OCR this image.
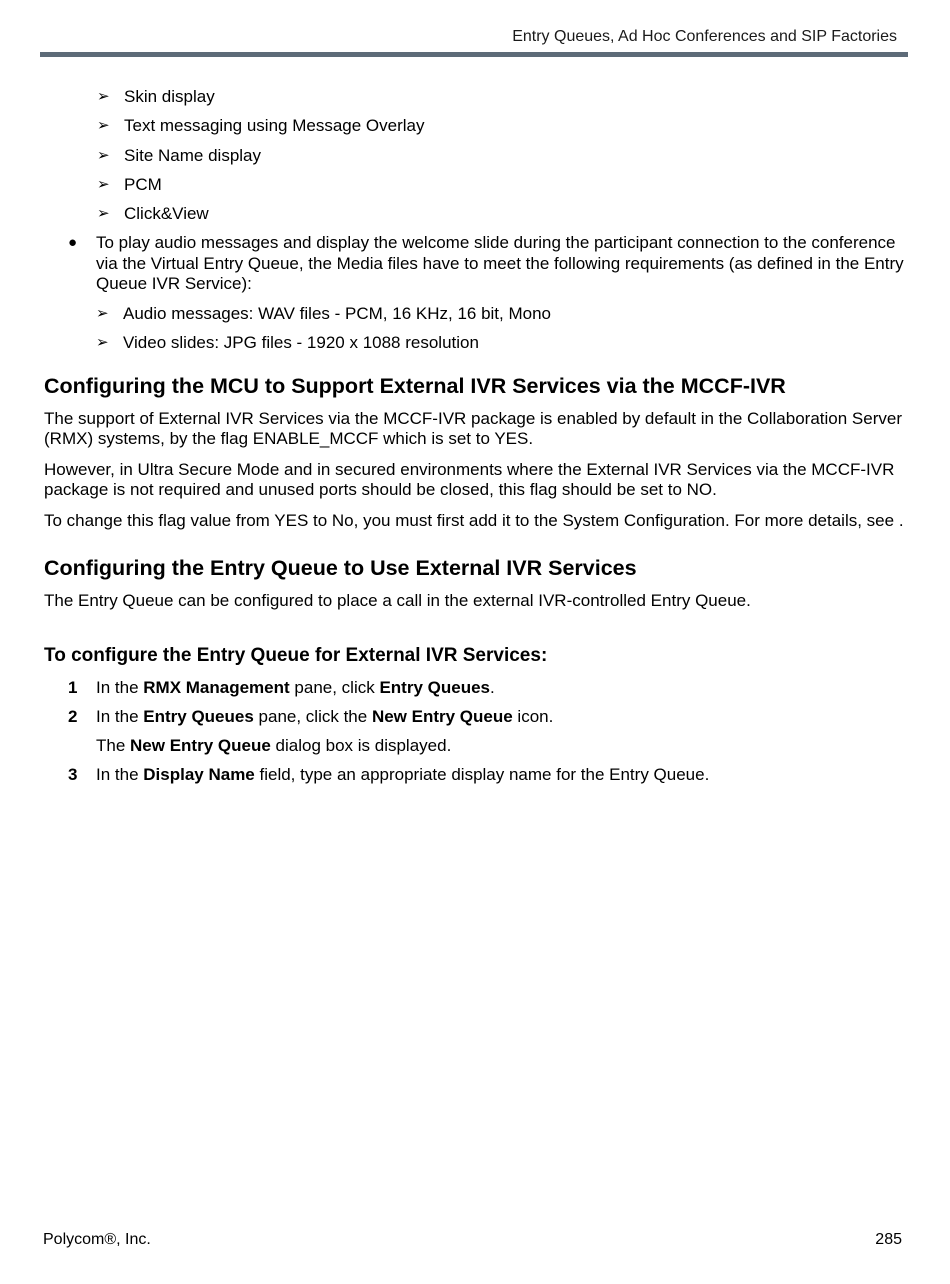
Entry Queues, Ad Hoc Conferences and SIP Factories
➢ Skin display
➢ Text messaging using Message Overlay
➢ Site Name display
➢ PCM
➢ Click&View
● To play audio messages and display the welcome slide during the participant connection to the conference via the Virtual Entry Queue, the Media files have to meet the following requirements (as defined in the Entry Queue IVR Service):
➢ Audio messages: WAV files - PCM, 16 KHz, 16 bit, Mono
➢ Video slides: JPG files - 1920 x 1088 resolution
Configuring the MCU to Support External IVR Services via the MCCF-IVR

The support of External IVR Services via the MCCF-IVR package is enabled by default in the Collaboration Server (RMX) systems, by the flag ENABLE_MCCF which is set to YES.

However, in Ultra Secure Mode and in secured environments where the External IVR Services via the MCCF-IVR package is not required and unused ports should be closed, this flag should be set to NO.

To change this flag value from YES to No, you must first add it to the System Configuration. For more details, see .

Configuring the Entry Queue to Use External IVR Services

The Entry Queue can be configured to place a call in the external IVR-controlled Entry Queue.

To configure the Entry Queue for External IVR Services:
1 In the RMX Management pane, click Entry Queues.
2 In the Entry Queues pane, click the New Entry Queue icon.
The New Entry Queue dialog box is displayed.
3 In the Display Name field, type an appropriate display name for the Entry Queue.
Polycom®, Inc.	285
